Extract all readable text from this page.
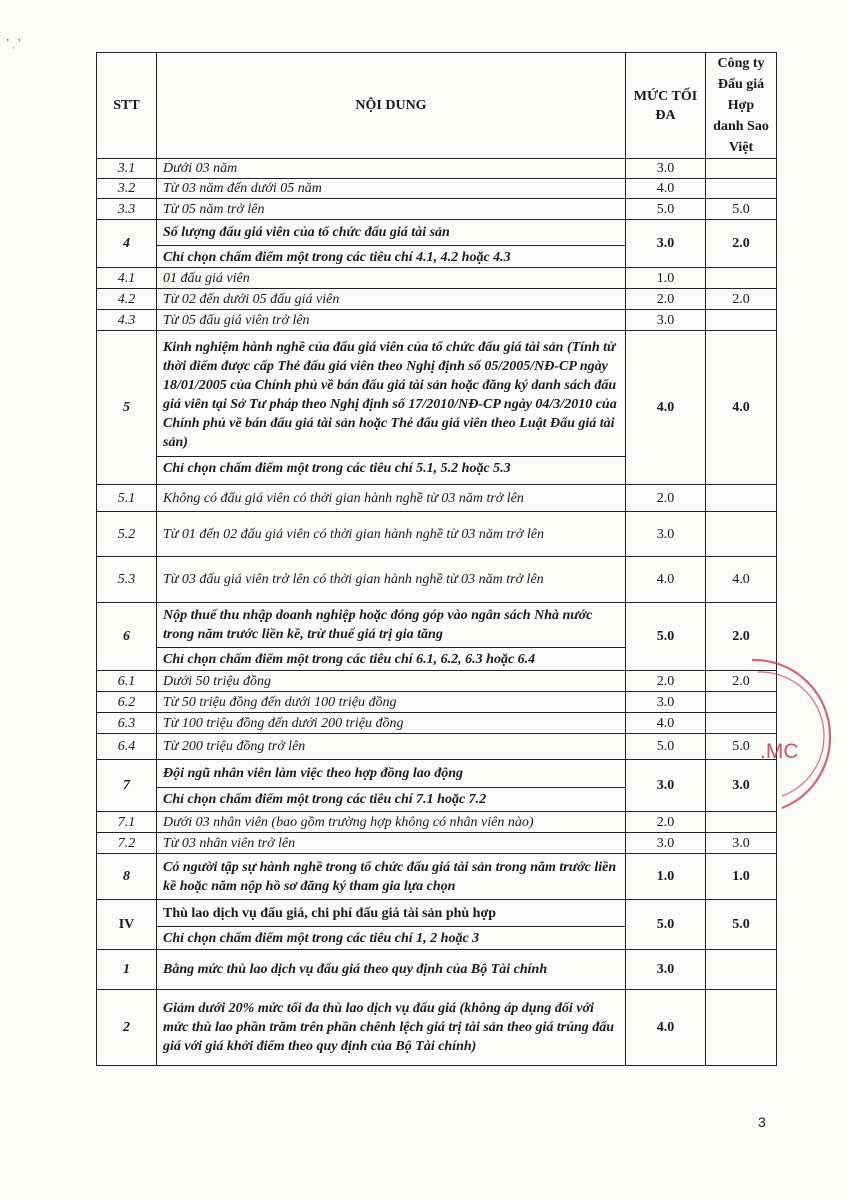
ʼ ˌ ʼ
STT	NỘI DUNG	MỨC TỐI ĐA	Công ty Đấu giá Hợp danh Sao Việt
3.1	Dưới 03 năm	3.0	
3.2	Từ 03 năm đến dưới 05 năm	4.0	
3.3	Từ 05 năm trở lên	5.0	5.0
4	Số lượng đấu giá viên của tổ chức đấu giá tài sản
Chỉ chọn chấm điểm một trong các tiêu chí 4.1, 4.2 hoặc 4.3	3.0	2.0
4.1	01 đấu giá viên	1.0	
4.2	Từ 02 đến dưới 05 đấu giá viên	2.0	2.0
4.3	Từ 05 đấu giá viên trở lên	3.0	
5	Kinh nghiệm hành nghề của đấu giá viên của tổ chức đấu giá tài sản (Tính từ thời điểm được cấp Thẻ đấu giá viên theo Nghị định số 05/2005/NĐ-CP ngày 18/01/2005 của Chính phủ về bán đấu giá tài sản hoặc đăng ký danh sách đấu giá viên tại Sở Tư pháp theo Nghị định số 17/2010/NĐ-CP ngày 04/3/2010 của Chính phủ về bán đấu giá tài sản hoặc Thẻ đấu giá viên theo Luật Đấu giá tài sản)
Chỉ chọn chấm điểm một trong các tiêu chí 5.1, 5.2 hoặc 5.3	4.0	4.0
5.1	Không có đấu giá viên có thời gian hành nghề từ 03 năm trở lên	2.0	
5.2	Từ 01 đến 02 đấu giá viên có thời gian hành nghề từ 03 năm trở lên	3.0	
5.3	Từ 03 đấu giá viên trở lên có thời gian hành nghề từ 03 năm trở lên	4.0	4.0
6	Nộp thuế thu nhập doanh nghiệp hoặc đóng góp vào ngân sách Nhà nước trong năm trước liền kề, trừ thuế giá trị gia tăng
Chỉ chọn chấm điểm một trong các tiêu chí 6.1, 6.2, 6.3 hoặc 6.4	5.0	2.0
6.1	Dưới 50 triệu đồng	2.0	2.0
6.2	Từ 50 triệu đồng đến dưới 100 triệu đồng	3.0	
6.3	Từ 100 triệu đồng đến dưới 200 triệu đồng	4.0	
6.4	Từ 200 triệu đồng trở lên	5.0	5.0
7	Đội ngũ nhân viên làm việc theo hợp đồng lao động
Chỉ chọn chấm điểm một trong các tiêu chí 7.1 hoặc 7.2	3.0	3.0
7.1	Dưới 03 nhân viên (bao gồm trường hợp không có nhân viên nào)	2.0	
7.2	Từ 03 nhân viên trở lên	3.0	3.0
8	Có người tập sự hành nghề trong tổ chức đấu giá tài sản trong năm trước liền kề hoặc năm nộp hồ sơ đăng ký tham gia lựa chọn	1.0	1.0
IV	Thù lao dịch vụ đấu giá, chi phí đấu giá tài sản phù hợp
Chỉ chọn chấm điểm một trong các tiêu chí 1, 2 hoặc 3	5.0	5.0
1	Bằng mức thù lao dịch vụ đấu giá theo quy định của Bộ Tài chính	3.0	
2	Giảm dưới 20% mức tối đa thù lao dịch vụ đấu giá (không áp dụng đối với mức thù lao phần trăm trên phần chênh lệch giá trị tài sản theo giá trúng đấu giá với giá khởi điểm theo quy định của Bộ Tài chính)	4.0	
.MC
3
